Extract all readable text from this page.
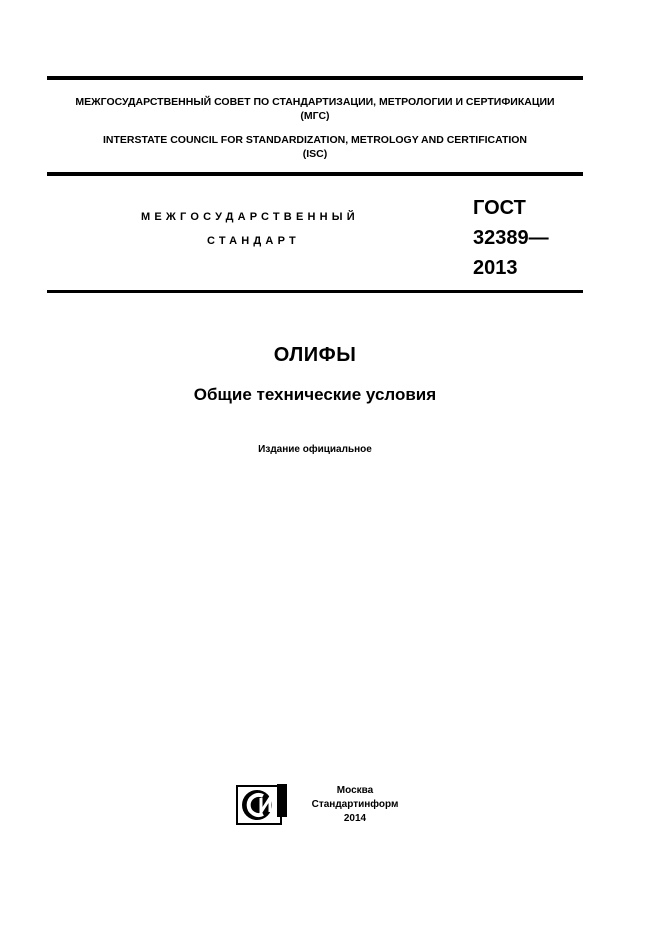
МЕЖГОСУДАРСТВЕННЫЙ СОВЕТ ПО СТАНДАРТИЗАЦИИ, МЕТРОЛОГИИ И СЕРТИФИКАЦИИ
(МГС)
INTERSTATE COUNCIL FOR STANDARDIZATION, METROLOGY AND CERTIFICATION
(ISC)
МЕЖГОСУДАРСТВЕННЫЙ
СТАНДАРТ
ГОСТ
32389—
2013
ОЛИФЫ
Общие технические условия
Издание официальное
Москва
Стандартинформ
2014
